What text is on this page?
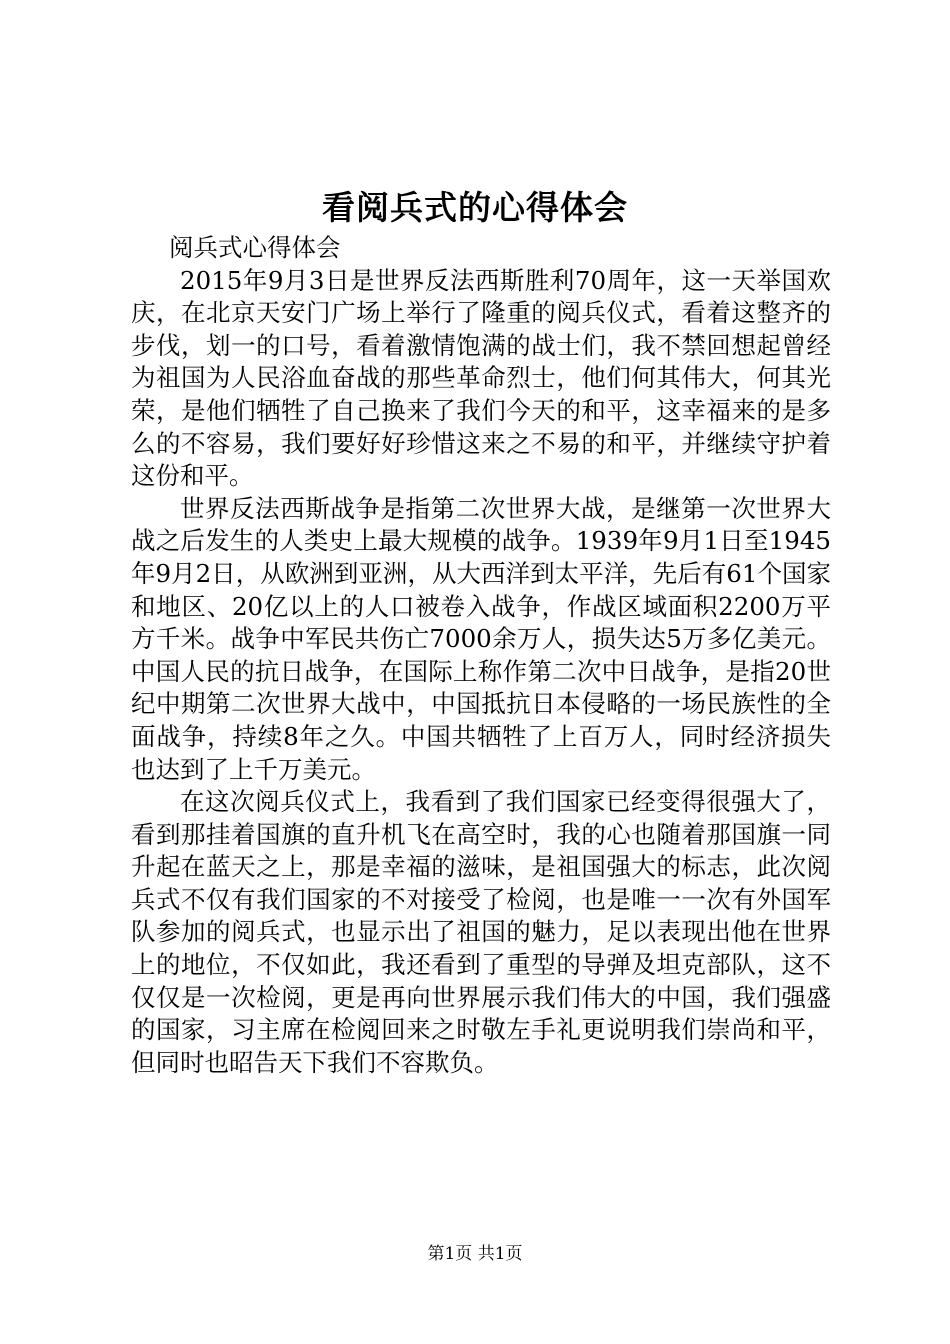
看阅兵式的心得体会

阅兵式心得体会

2015年9月3日是世界反法西斯胜利70周年，这一天举国欢庆，在北京天安门广场上举行了隆重的阅兵仪式，看着这整齐的步伐，划一的口号，看着激情饱满的战士们，我不禁回想起曾经为祖国为人民浴血奋战的那些革命烈士，他们何其伟大，何其光荣，是他们牺牲了自己换来了我们今天的和平，这幸福来的是多么的不容易，我们要好好珍惜这来之不易的和平，并继续守护着这份和平。

世界反法西斯战争是指第二次世界大战，是继第一次世界大战之后发生的人类史上最大规模的战争。1939年9月1日至1945年9月2日，从欧洲到亚洲，从大西洋到太平洋，先后有61个国家和地区、20亿以上的人口被卷入战争，作战区域面积2200万平方千米。战争中军民共伤亡7000余万人，损失达5万多亿美元。中国人民的抗日战争，在国际上称作第二次中日战争，是指20世纪中期第二次世界大战中，中国抵抗日本侵略的一场民族性的全面战争，持续8年之久。中国共牺牲了上百万人，同时经济损失也达到了上千万美元。

在这次阅兵仪式上，我看到了我们国家已经变得很强大了，看到那挂着国旗的直升机飞在高空时，我的心也随着那国旗一同升起在蓝天之上，那是幸福的滋味，是祖国强大的标志，此次阅兵式不仅有我们国家的不对接受了检阅，也是唯一一次有外国军队参加的阅兵式，也显示出了祖国的魅力，足以表现出他在世界上的地位，不仅如此，我还看到了重型的导弹及坦克部队，这不仅仅是一次检阅，更是再向世界展示我们伟大的中国，我们强盛的国家，习主席在检阅回来之时敬左手礼更说明我们崇尚和平，但同时也昭告天下我们不容欺负。

第1页 共1页
